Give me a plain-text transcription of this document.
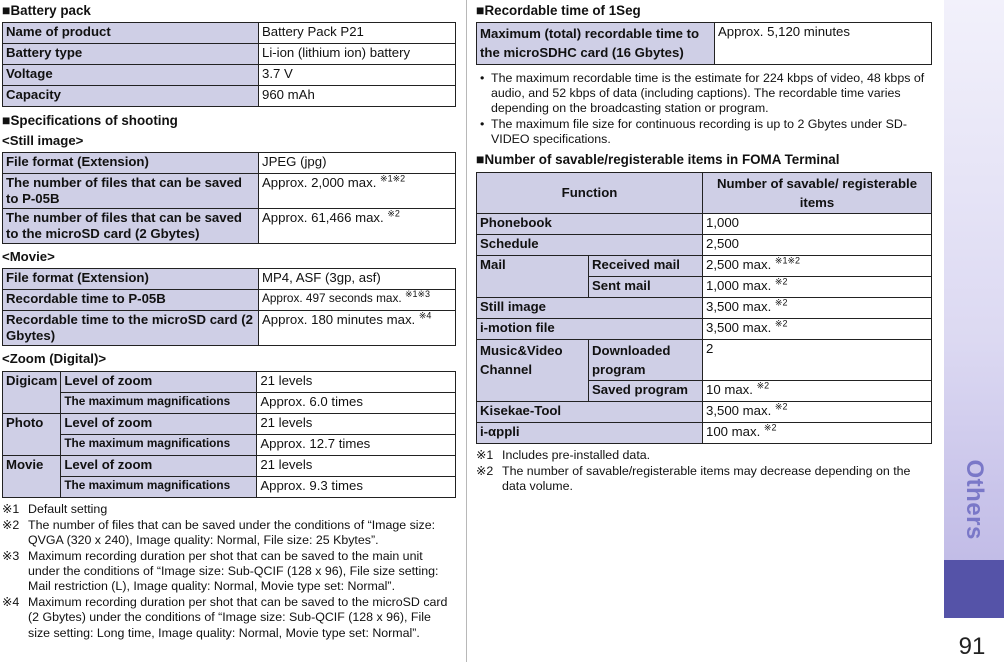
■Battery pack
Name of product	Battery Pack P21
Battery type	Li-ion (lithium ion) battery
Voltage	3.7 V
Capacity	960 mAh
■Specifications of shooting
<Still image>
File format (Extension)	JPEG (jpg)
The number of files that can be saved to P-05B	Approx. 2,000 max. $^{※1※2}$
The number of files that can be saved to the microSD card (2 Gbytes)	Approx. 61,466 max. $^{※2}$
<Movie>
File format (Extension)	MP4, ASF (3gp, asf)
Recordable time to P-05B	Approx. 497 seconds max. $^{※1※3}$
Recordable time to the microSD card (2 Gbytes)	Approx. 180 minutes max. $^{※4}$
<Zoom (Digital)>
Digicam	Level of zoom	21 levels
	The maximum magnifications	Approx. 6.0 times
Photo	Level of zoom	21 levels
	The maximum magnifications	Approx. 12.7 times
Movie	Level of zoom	21 levels
	The maximum magnifications	Approx. 9.3 times
※1 Default setting
※2 The number of files that can be saved under the conditions of “Image size: QVGA (320 x 240), Image quality: Normal, File size: 25 Kbytes”.
※3 Maximum recording duration per shot that can be saved to the main unit under the conditions of “Image size: Sub-QCIF (128 x 96), File size setting: Mail restriction (L), Image quality: Normal, Movie type set: Normal”.
※4 Maximum recording duration per shot that can be saved to the microSD card (2 Gbytes) under the conditions of “Image size: Sub-QCIF (128 x 96), File size setting: Long time, Image quality: Normal, Movie type set: Normal”.
■Recordable time of 1Seg
Maximum (total) recordable time to the microSDHC card (16 Gbytes)	Approx. 5,120 minutes
• The maximum recordable time is the estimate for 224 kbps of video, 48 kbps of audio, and 52 kbps of data (including captions). The recordable time varies depending on the broadcasting station or program.
• The maximum file size for continuous recording is up to 2 Gbytes under SD-VIDEO specifications.
■Number of savable/registerable items in FOMA Terminal
Function		Number of savable/ registerable items
Phonebook		1,000
Schedule		2,500
Mail	Received mail	2,500 max. $^{※1※2}$
	Sent mail	1,000 max. $^{※2}$
Still image		3,500 max. $^{※2}$
i-motion file		3,500 max. $^{※2}$
Music&Video Channel	Downloaded program	2
	Saved program	10 max. $^{※2}$
Kisekae-Tool		3,500 max. $^{※2}$
i-αppli		100 max. $^{※2}$
※1 Includes pre-installed data.
※2 The number of savable/registerable items may decrease depending on the data volume.	Others
91
